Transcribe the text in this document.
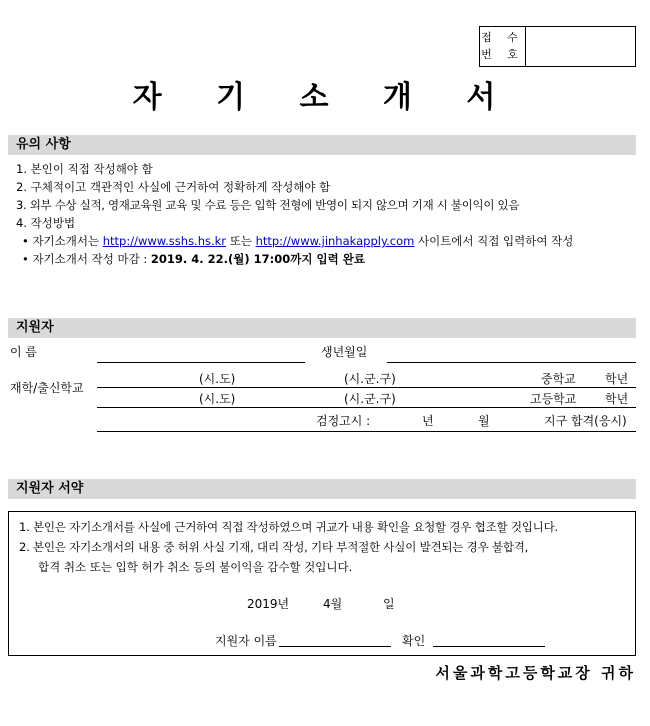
접 수
번 호
자 기 소 개 서
유의 사항
1. 본인이 직접 작성해야 함
2. 구체적이고 객관적인 사실에 근거하여 정확하게 작성해야 함
3. 외부 수상 실적, 영재교육원 교육 및 수료 등은 입학 전형에 반영이 되지 않으며 기재 시 불이익이 있음
4. 작성방법
• 자기소개서는 http://www.sshs.hs.kr 또는 http://www.jinhakapply.com 사이트에서 직접 입력하여 작성
• 자기소개서 작성 마감 : 2019. 4. 22.(월) 17:00까지 입력 완료
지원자
이 름	생년월일
재학/출신학교
(시.도)	(시.군.구)	중학교 학년
(시.도)	(시.군.구)	고등학교 학년
검정고시 :	년	월	지구 합격(응시)
지원자 서약
1. 본인은 자기소개서를 사실에 근거하여 직접 작성하였으며 귀교가 내용 확인을 요청할 경우 협조할 것입니다.
2. 본인은 자기소개서의 내용 중 허위 사실 기재, 대리 작성, 기타 부적절한 사실이 발견되는 경우 불합격,
합격 취소 또는 입학 허가 취소 등의 불이익을 감수할 것입니다.
2019년	4월	일
지원자 이름	확인
서울과학고등학교장 귀하
